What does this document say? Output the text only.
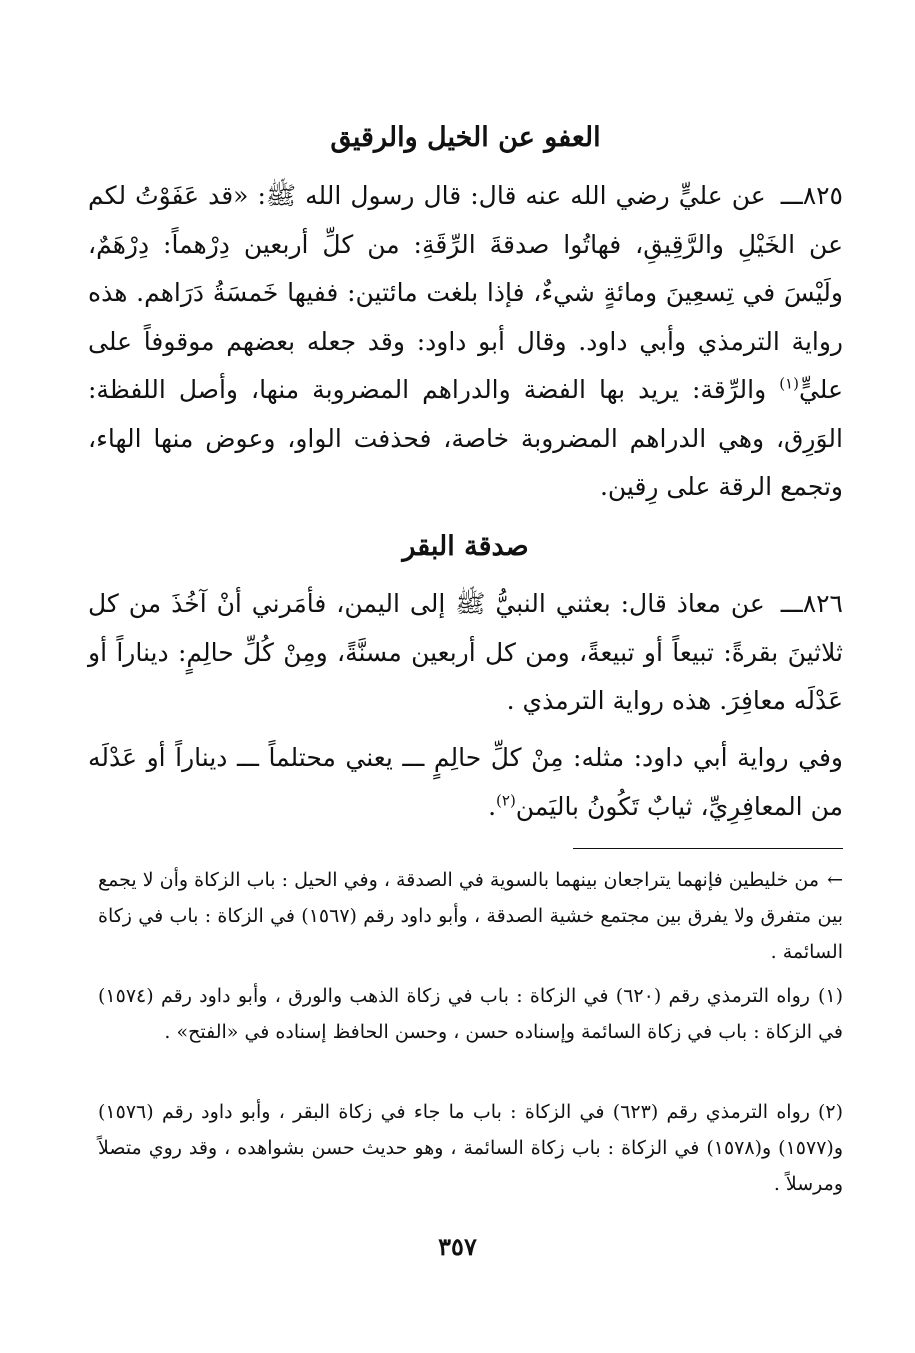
العفو عن الخيل والرقيق

٨٢٥ـــ عن عليٍّ رضي الله عنه قال: قال رسول الله ﷺ: «قد عَفَوْتُ لكم عن الخَيْلِ والرَّقِيقِ، فهاتُوا صدقةَ الرِّقَةِ: من كلِّ أربعين دِرْهماً: دِرْهَمٌ، ولَيْسَ في تِسعِينَ ومائةٍ شيءٌ، فإذا بلغت مائتين: ففيها خَمسَةُ دَرَاهم. هذه رواية الترمذي وأبي داود. وقال أبو داود: وقد جعله بعضهم موقوفاً على عليٍّ$^{(١)}$ والرِّقة: يريد بها الفضة والدراهم المضروبة منها، وأصل اللفظة: الوَرِق، وهي الدراهم المضروبة خاصة، فحذفت الواو، وعوض منها الهاء، وتجمع الرقة على رِقين.

صدقة البقر

٨٢٦ـــ عن معاذ قال: بعثني النبيُّ ﷺ إلى اليمن، فأمَرني أنْ آخُذَ من كل ثلاثينَ بقرةً: تبيعاً أو تبيعةً، ومن كل أربعين مسنَّةً، ومِنْ كُلِّ حالِمٍ: ديناراً أو عَدْلَه معافِرَ. هذه رواية الترمذي .

وفي رواية أبي داود: مثله: مِنْ كلِّ حالِمٍ ـــ يعني محتلماً ـــ ديناراً أو عَدْلَه من المعافِرِيِّ، ثيابٌ تَكُونُ باليَمن$^{(٢)}$.

←من خليطين فإنهما يتراجعان بينهما بالسوية في الصدقة ، وفي الحيل : باب الزكاة وأن لا يجمع بين متفرق ولا يفرق بين مجتمع خشية الصدقة ، وأبو داود رقم (١٥٦٧) في الزكاة : باب في زكاة السائمة .

(١)رواه الترمذي رقم (٦٢٠) في الزكاة : باب في زكاة الذهب والورق ، وأبو داود رقم (١٥٧٤) في الزكاة : باب في زكاة السائمة وإسناده حسن ، وحسن الحافظ إسناده في «الفتح» .

(٢)رواه الترمذي رقم (٦٢٣) في الزكاة : باب ما جاء في زكاة البقر ، وأبو داود رقم (١٥٧٦) و(١٥٧٧) و(١٥٧٨) في الزكاة : باب زكاة السائمة ، وهو حديث حسن بشواهده ، وقد روي متصلاً ومرسلاً .

٣٥٧
